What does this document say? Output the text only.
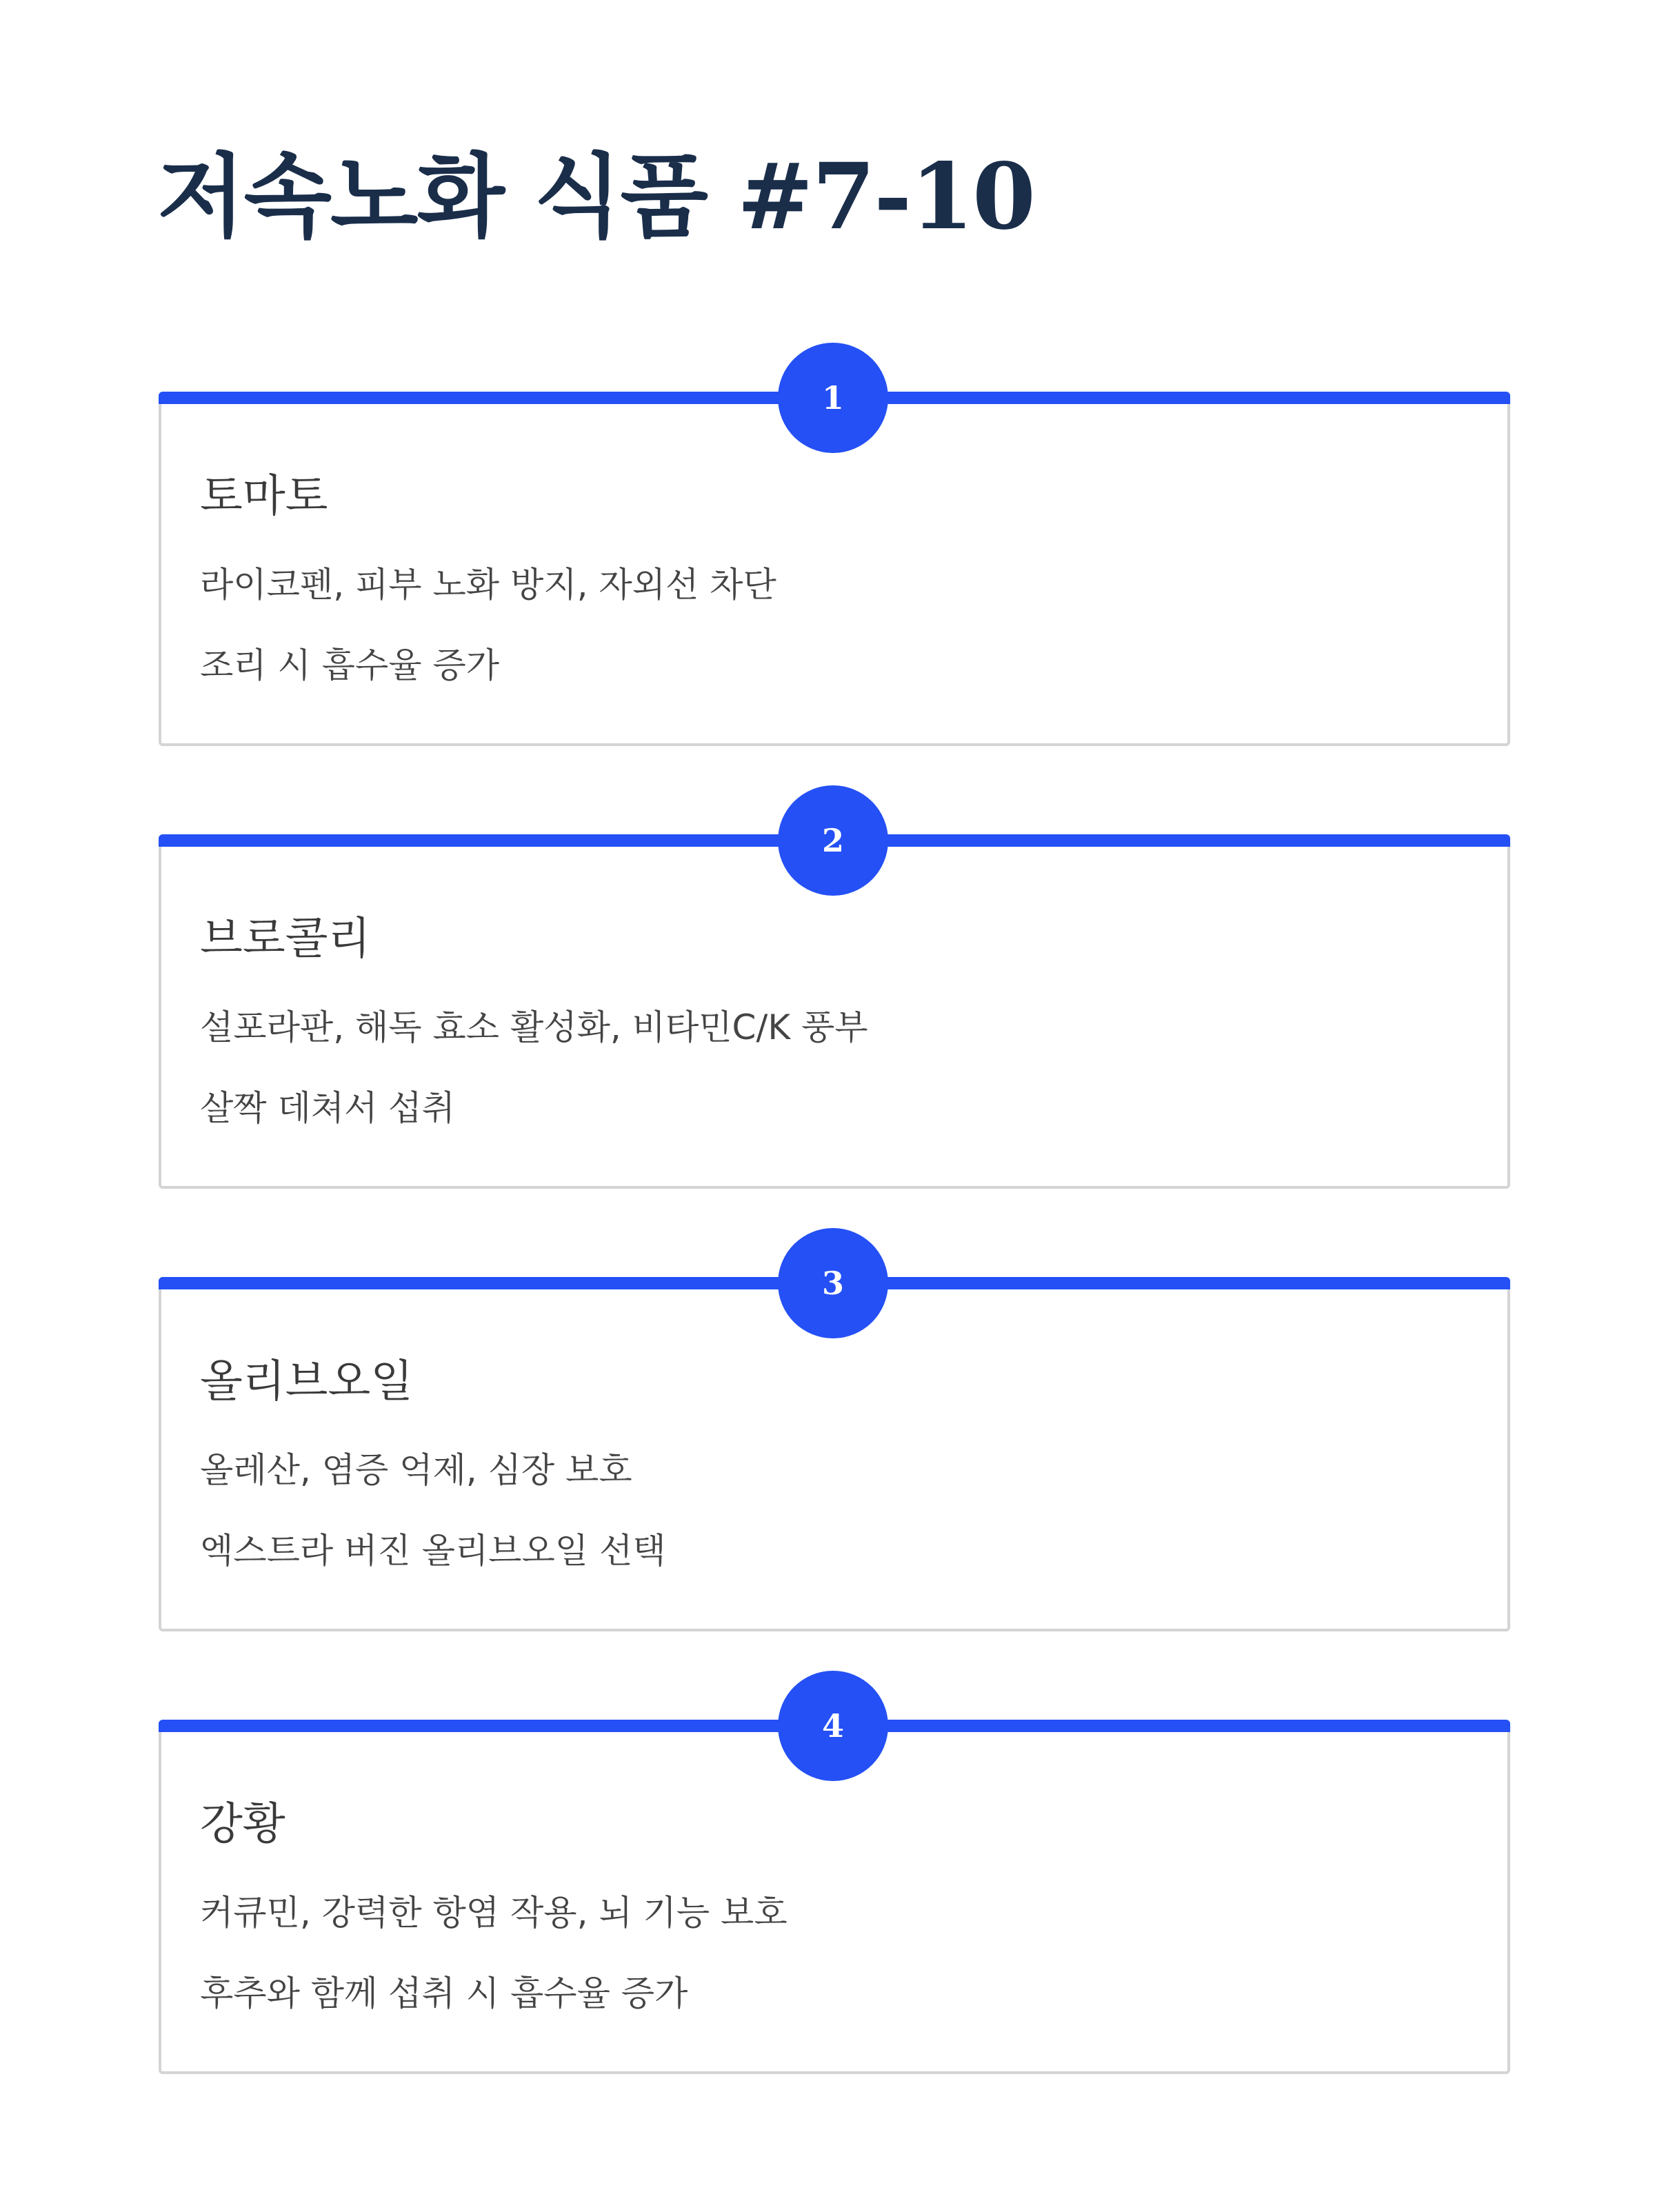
저속노화 식품 #7-10
1
토마토

라이코펜, 피부 노화 방지, 자외선 차단

조리 시 흡수율 증가

2
브로콜리

설포라판, 해독 효소 활성화, 비타민C/K 풍부

살짝 데쳐서 섭취

3
올리브오일

올레산, 염증 억제, 심장 보호

엑스트라 버진 올리브오일 선택

4
강황

커큐민, 강력한 항염 작용, 뇌 기능 보호

후추와 함께 섭취 시 흡수율 증가
